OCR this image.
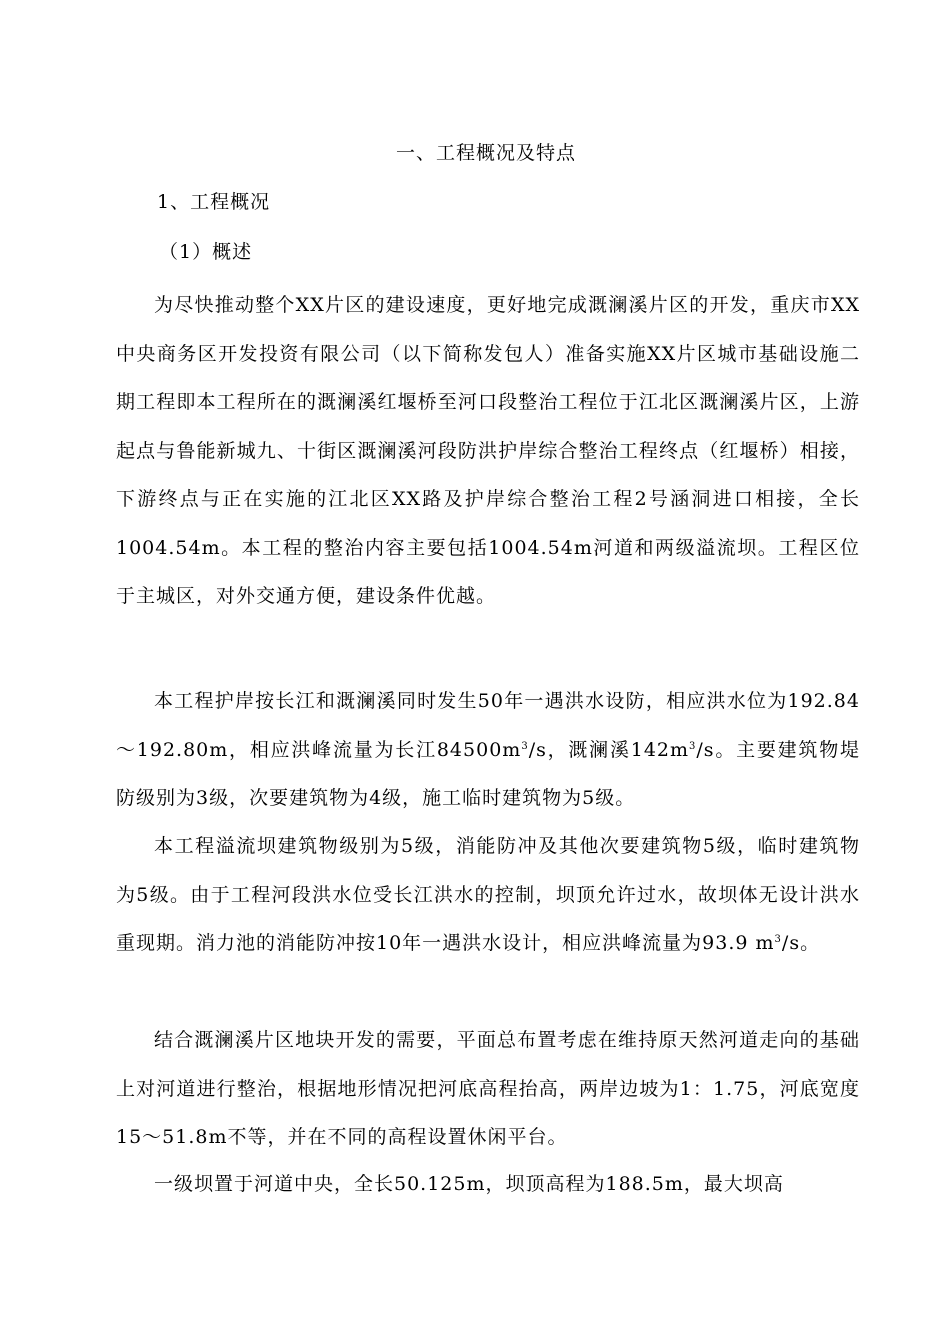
一、工程概况及特点
1、工程概况
（1）概述

为尽快推动整个XX片区的建设速度，更好地完成溉澜溪片区的开发，重庆市XX中央商务区开发投资有限公司（以下简称发包人）准备实施XX片区城市基础设施二期工程即本工程所在的溉澜溪红堰桥至河口段整治工程位于江北区溉澜溪片区，上游起点与鲁能新城九、十街区溉澜溪河段防洪护岸综合整治工程终点（红堰桥）相接，下游终点与正在实施的江北区XX路及护岸综合整治工程2号涵洞进口相接，全长1004.54m。本工程的整治内容主要包括1004.54m河道和两级溢流坝。工程区位于主城区，对外交通方便，建设条件优越。

本工程护岸按长江和溉澜溪同时发生50年一遇洪水设防，相应洪水位为192.84～192.80m，相应洪峰流量为长江$84500m^3/s$，溉澜溪$142m^3/s$。主要建筑物堤防级别为3级，次要建筑物为4级，施工临时建筑物为5级。

本工程溢流坝建筑物级别为5级，消能防冲及其他次要建筑物5级，临时建筑物为5级。由于工程河段洪水位受长江洪水的控制，坝顶允许过水，故坝体无设计洪水重现期。消力池的消能防冲按10年一遇洪水设计，相应洪峰流量为93.9 $m^3/s$。

结合溉澜溪片区地块开发的需要，平面总布置考虑在维持原天然河道走向的基础上对河道进行整治，根据地形情况把河底高程抬高，两岸边坡为1：1.75，河底宽度15～51.8m不等，并在不同的高程设置休闲平台。

一级坝置于河道中央，全长50.125m，坝顶高程为188.5m，最大坝高
